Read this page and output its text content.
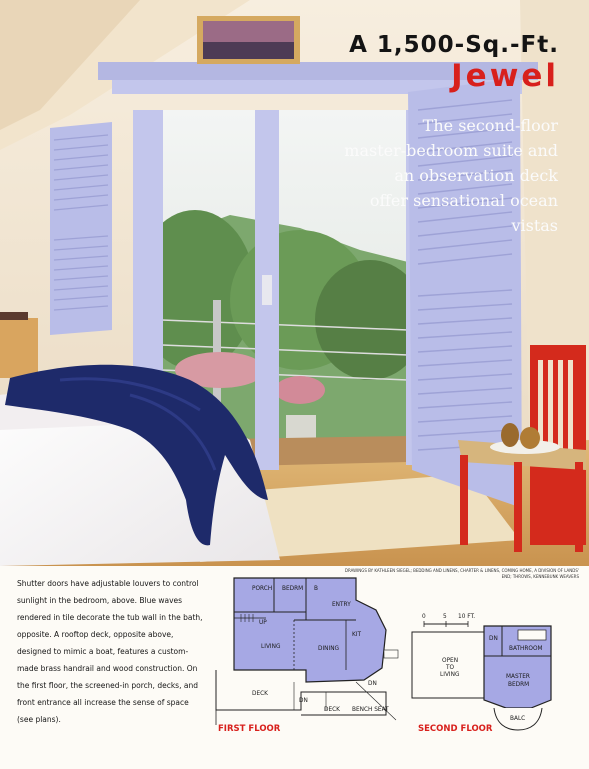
A 1,500-Sq.-Ft.
Jewel
The second-floor
master-bedroom suite and
an observation deck
offer sensational ocean vistas
DRAWINGS BY KATHLEEN SIEGEL; BEDDING AND LINENS, CHARTER & LINENS, COMING HOME, A DIVISION OF LANDS' END; THROWS, KENNEBUNK WEAVERS
Shutter doors have adjustable louvers to control sunlight in the bedroom, above. Blue waves rendered in tile decorate the tub wall in the bath, opposite. A rooftop deck, opposite above, designed to mimic a boat, features a custom-made brass handrail and wood construction. On the first floor, the screened-in porch, decks, and front entrance all increase the sense of space (see plans).
PORCH BEDRM B
ENTRY
UP
KIT
LIVING	DINING
DN
DN
DECK
DECK BENCH SEAT
FIRST FLOOR
0	5 10 FT.
DN
BATHROOM
OPEN
TO
LIVING	MASTER
BEDRM
BALC
SECOND FLOOR
